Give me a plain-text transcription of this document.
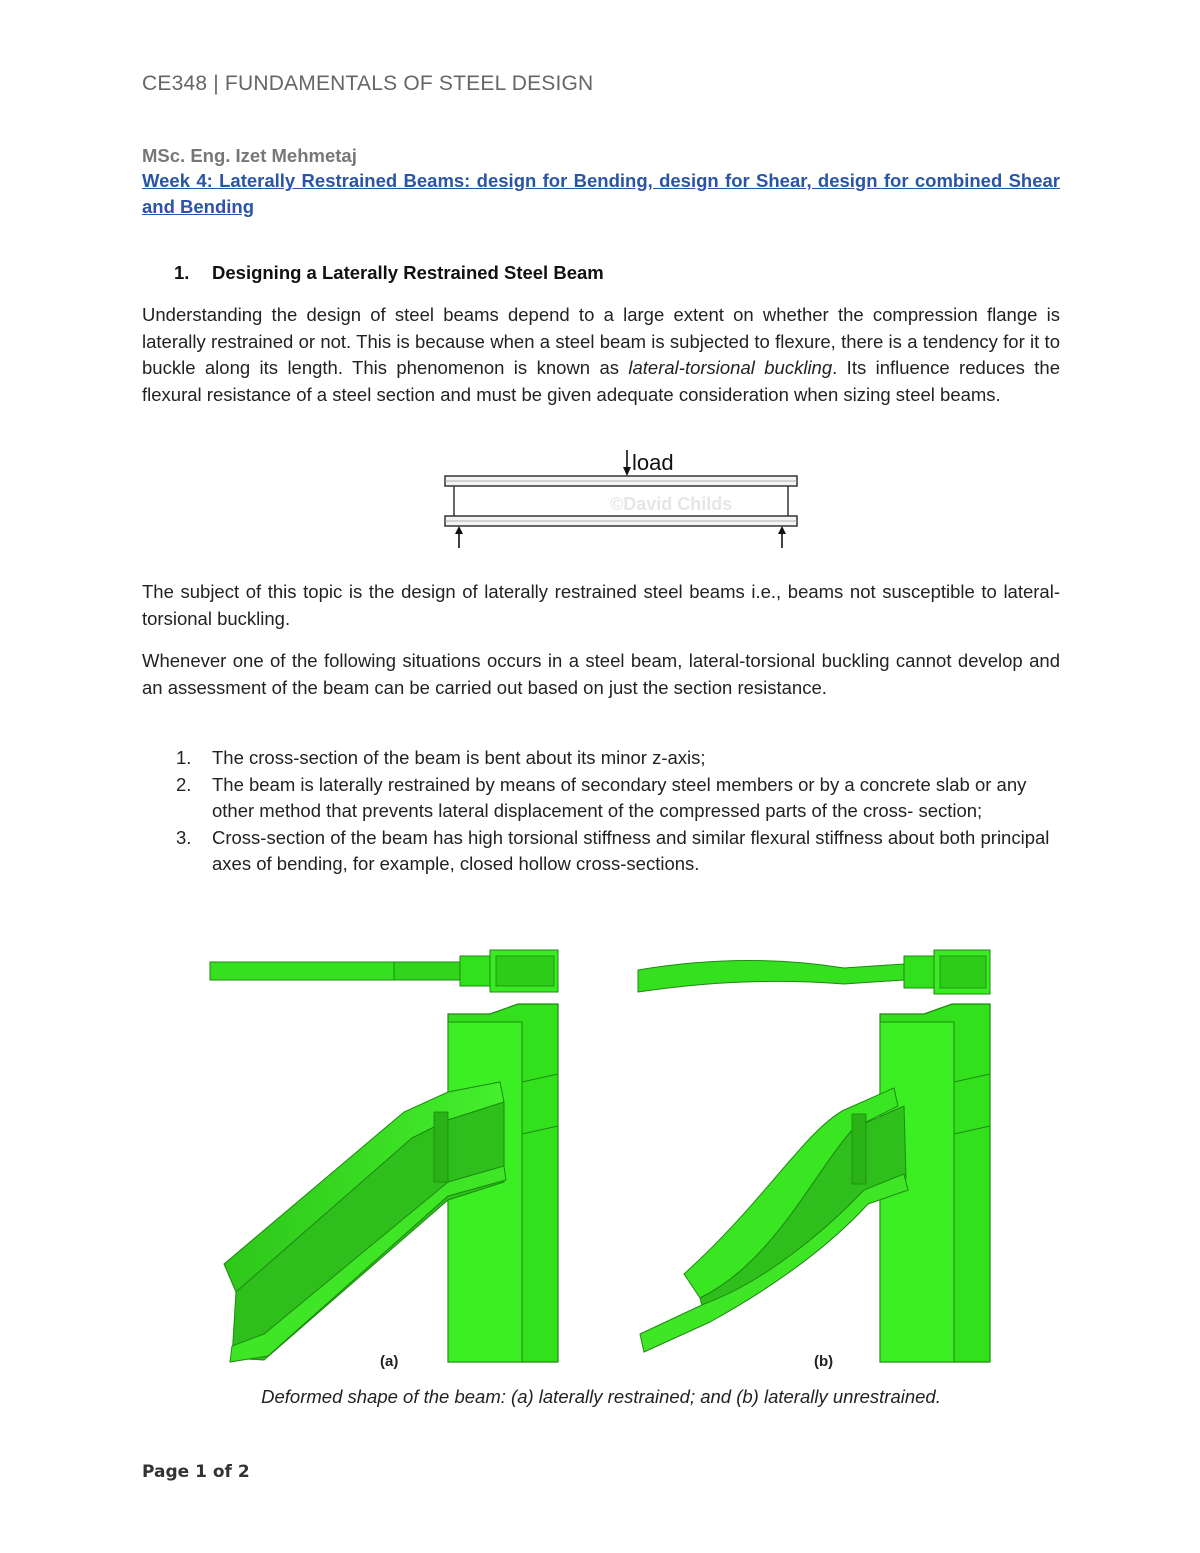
CE348 | FUNDAMENTALS OF STEEL DESIGN
MSc. Eng. Izet Mehmetaj
Week 4: Laterally Restrained Beams: design for Bending, design for Shear, design for combined Shear and Bending
1. Designing a Laterally Restrained Steel Beam
Understanding the design of steel beams depend to a large extent on whether the compression flange is laterally restrained or not. This is because when a steel beam is subjected to flexure, there is a tendency for it to buckle along its length. This phenomenon is known as lateral-torsional buckling. Its influence reduces the flexural resistance of a steel section and must be given adequate consideration when sizing steel beams.
©David Childs
load
The subject of this topic is the design of laterally restrained steel beams i.e., beams not susceptible to lateral-torsional buckling.
Whenever one of the following situations occurs in a steel beam, lateral-torsional buckling cannot develop and an assessment of the beam can be carried out based on just the section resistance.
1. The cross-section of the beam is bent about its minor z-axis;
2. The beam is laterally restrained by means of secondary steel members or by a concrete slab or any other method that prevents lateral displacement of the compressed parts of the cross- section;
3. Cross-section of the beam has high torsional stiffness and similar flexural stiffness about both principal axes of bending, for example, closed hollow cross-sections.
(a)	(b)
Deformed shape of the beam: (a) laterally restrained; and (b) laterally unrestrained.
Page 1 of 2
